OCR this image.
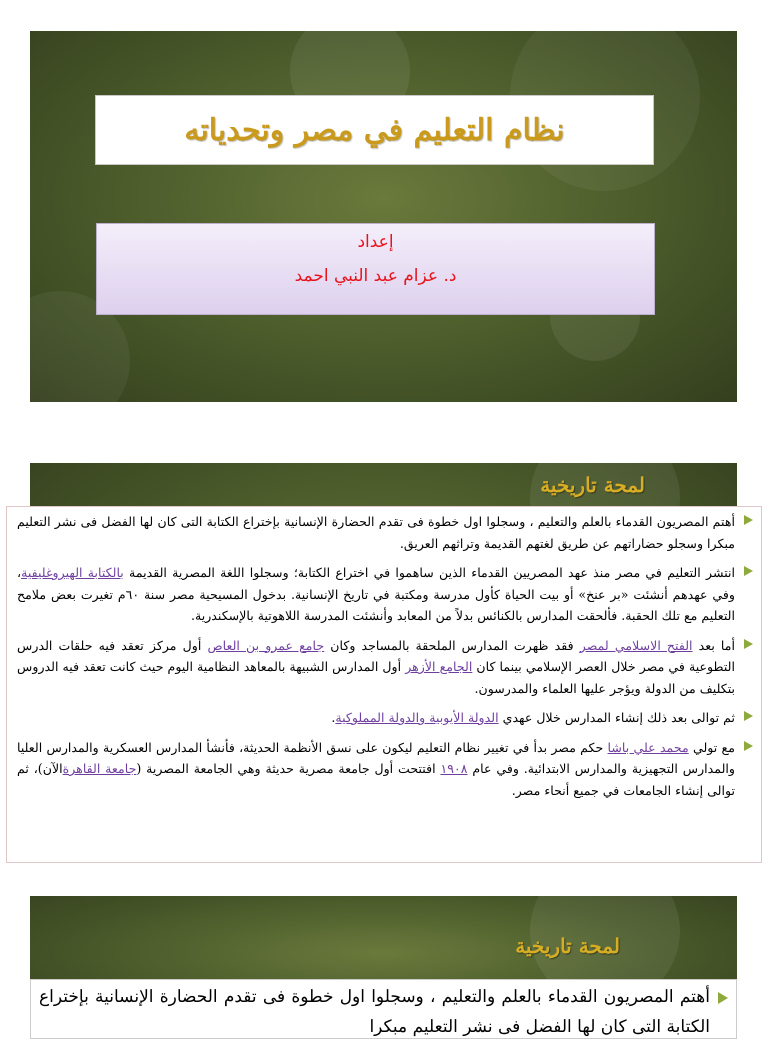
نظام التعليم في مصر وتحدياته
إعداد
د. عزام عبد النبي احمد
لمحة تاريخية

أهتم المصريون القدماء بالعلم والتعليم ، وسجلوا اول خطوة فى تقدم الحضارة الإنسانية بإختراع الكتابة التى كان لها الفضل فى نشر التعليم مبكرا وسجلو حضاراتهم عن طريق لغتهم القديمة وتراثهم العريق.

انتشر التعليم في مصر منذ عهد المصريين القدماء الذين ساهموا في اختراع الكتابة؛ وسجلوا اللغة المصرية القديمة بالكتابة الهيروغليفية، وفي عهدهم أنشئت «بر عنخ» أو بيت الحياة كأول مدرسة ومكتبة في تاريخ الإنسانية. بدخول المسيحية مصر سنة ٦٠م تغيرت بعض ملامح التعليم مع تلك الحقبة. فألحقت المدارس بالكنائس بدلاً من المعابد وأنشئت المدرسة اللاهوتية بالإسكندرية.

أما بعد الفتح الاسلامي لمصر فقد ظهرت المدارس الملحقة بالمساجد وكان جامع عمرو بن العاص أول مركز تعقد فيه حلقات الدرس التطوعية في مصر خلال العصر الإسلامي بينما كان الجامع الأزهر أول المدارس الشبيهة بالمعاهد النظامية اليوم حيث كانت تعقد فيه الدروس بتكليف من الدولة ويؤجر عليها العلماء والمدرسون.

ثم توالى بعد ذلك إنشاء المدارس خلال عهدي الدولة الأيوبية والدولة المملوكية.

مع تولي محمد علي باشا حكم مصر بدأ في تغيير نظام التعليم ليكون على نسق الأنظمة الحديثة، فأنشأ المدارس العسكرية والمدارس العليا والمدارس التجهيزية والمدارس الابتدائية. وفي عام ١٩٠٨ افتتحت أول جامعة مصرية حديثة وهي الجامعة المصرية (جامعة القاهرةالآن)، ثم توالى إنشاء الجامعات في جميع أنحاء مصر.

لمحة تاريخية

أهتم المصريون القدماء بالعلم والتعليم ، وسجلوا اول خطوة فى تقدم الحضارة الإنسانية بإختراع الكتابة التى كان لها الفضل فى نشر التعليم مبكرا
